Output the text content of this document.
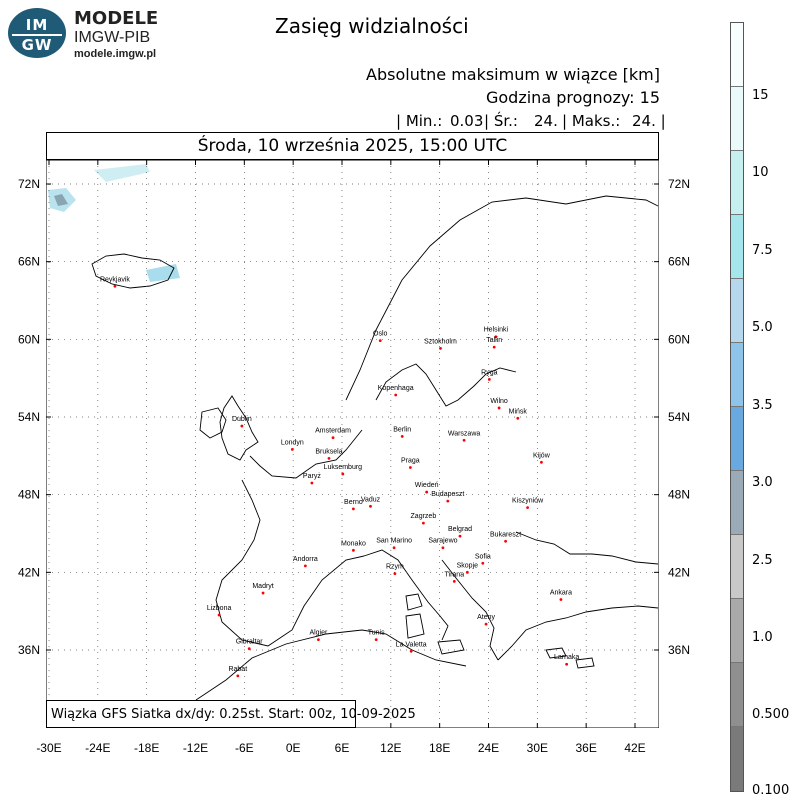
IM
GW
MODELE
IMGW-PIB
modele.imgw.pl
Zasięg widzialności
Absolutne maksimum w wiązce [km]
Godzina prognozy: 15
| Min.: 0.03 | Śr.: 24. | Maks.: 24. |
Środa, 10 września 2025, 15:00 UTC
Reykjavik
Dublin
Londyn
Amsterdam
Bruksela
Luksemburg
Paryż
Berno
Vaduz
Monako
Andorra
Madryt
Lizbona
Gibraltar
Rabat
Algier	Tunis
La Valetta
Rzym
San Marino
Oslo
Sztokholm
Helsinki
Tallin
Ryga
Kopenhaga
Wilno
Mińsk
Berlin
Warszawa
Praga
Kijów
Wiedeń
Budapeszt
Kiszyniów
Zagrzeb
Belgrad
Bukareszt
Sarajewo
Sofia
Skopje
Tirana
Ateny
Ankara
Larnaka
Wiązka GFS Siatka dx/dy: 0.25st. Start: 00z, 10-09-2025
-30E -24E -18E -12E -6E	0E	6E	12E 18E 24E 30E 36E 42E
72N	72N
66N	66N
60N	60N
54N	54N
48N	48N
42N	42N
36N	36N
15
10
7.5
5.0
3.5
3.0
2.5
1.0
0.500
0.100
